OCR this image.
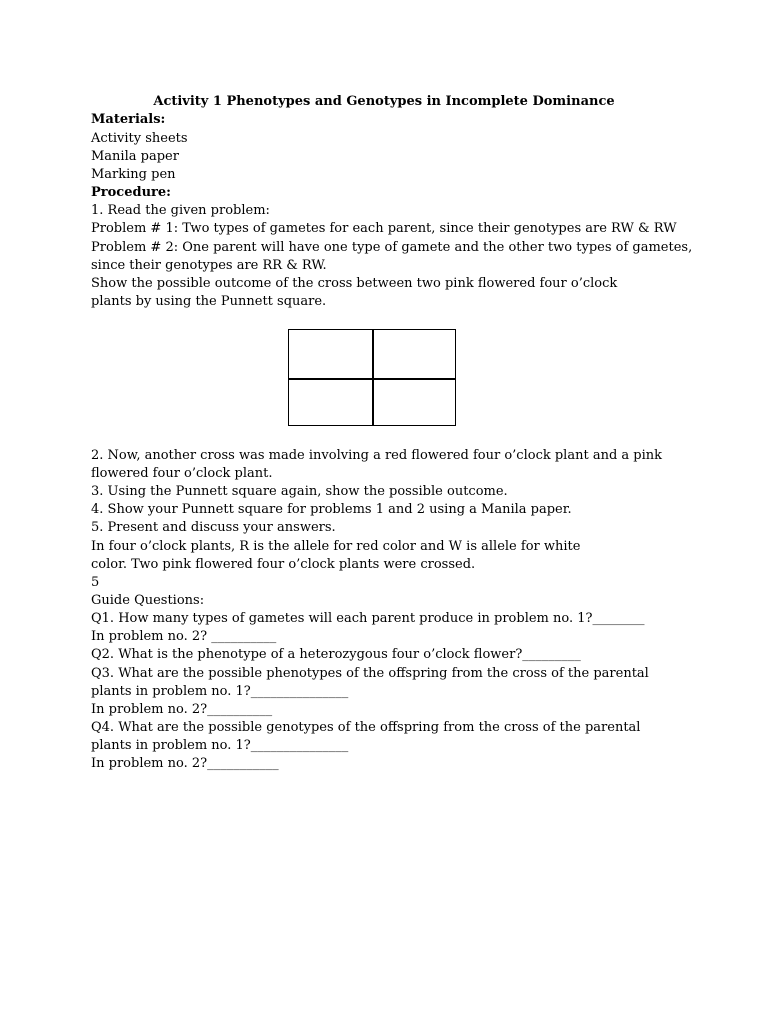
Activity 1 Phenotypes and Genotypes in Incomplete Dominance
Materials:
Activity sheets
Manila paper
Marking pen
Procedure:
1. Read the given problem:
Problem # 1: Two types of gametes for each parent, since their genotypes are RW & RW
Problem # 2: One parent will have one type of gamete and the other two types of gametes,
since their genotypes are RR & RW.
Show the possible outcome of the cross between two pink flowered four o’clock
plants by using the Punnett square.
2. Now, another cross was made involving a red flowered four o’clock plant and a pink
flowered four o’clock plant.
3. Using the Punnett square again, show the possible outcome.
4. Show your Punnett square for problems 1 and 2 using a Manila paper.
5. Present and discuss your answers.
In four o’clock plants, R is the allele for red color and W is allele for white
color. Two pink flowered four o’clock plants were crossed.
5
Guide Questions:
Q1. How many types of gametes will each parent produce in problem no. 1?________
In problem no. 2? __________
Q2. What is the phenotype of a heterozygous four o’clock flower?_________
Q3. What are the possible phenotypes of the offspring from the cross of the parental
plants in problem no. 1?_______________
In problem no. 2?__________
Q4. What are the possible genotypes of the offspring from the cross of the parental
plants in problem no. 1?_______________
In problem no. 2?___________
